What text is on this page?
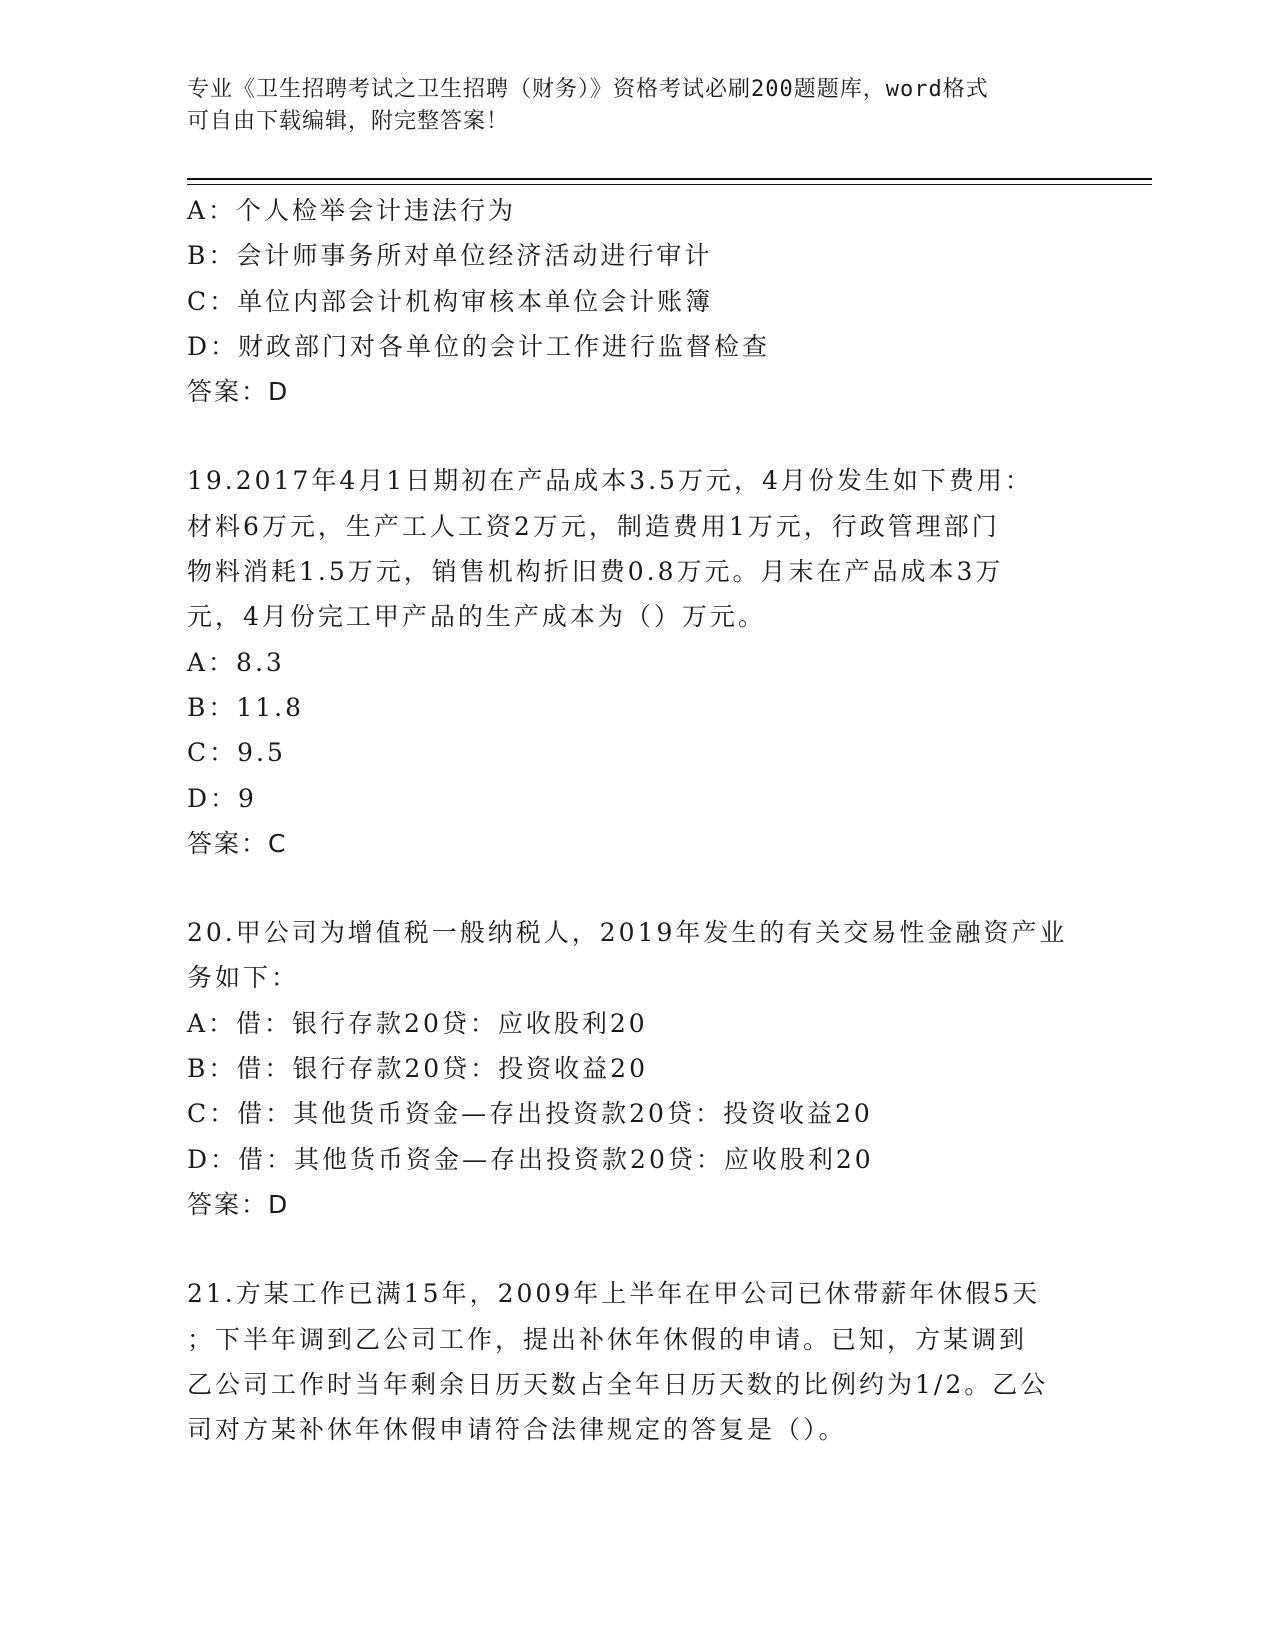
专业《卫生招聘考试之卫生招聘（财务）》资格考试必刷200题题库，word格式
可自由下载编辑，附完整答案！
A：个人检举会计违法行为
B：会计师事务所对单位经济活动进行审计
C：单位内部会计机构审核本单位会计账簿
D：财政部门对各单位的会计工作进行监督检查
答案：D
19.2017年4月1日期初在产品成本3.5万元，4月份发生如下费用：
材料6万元，生产工人工资2万元，制造费用1万元，行政管理部门
物料消耗1.5万元，销售机构折旧费0.8万元。月末在产品成本3万
元，4月份完工甲产品的生产成本为（）万元。
A：8.3
B：11.8
C：9.5
D：9
答案：C
20.甲公司为增值税一般纳税人，2019年发生的有关交易性金融资产业
务如下：
A：借：银行存款20贷：应收股利20
B：借：银行存款20贷：投资收益20
C：借：其他货币资金—存出投资款20贷：投资收益20
D：借：其他货币资金—存出投资款20贷：应收股利20
答案：D
21.方某工作已满15年，2009年上半年在甲公司已休带薪年休假5天
；下半年调到乙公司工作，提出补休年休假的申请。已知，方某调到
乙公司工作时当年剩余日历天数占全年日历天数的比例约为1/2。乙公
司对方某补休年休假申请符合法律规定的答复是（）。
